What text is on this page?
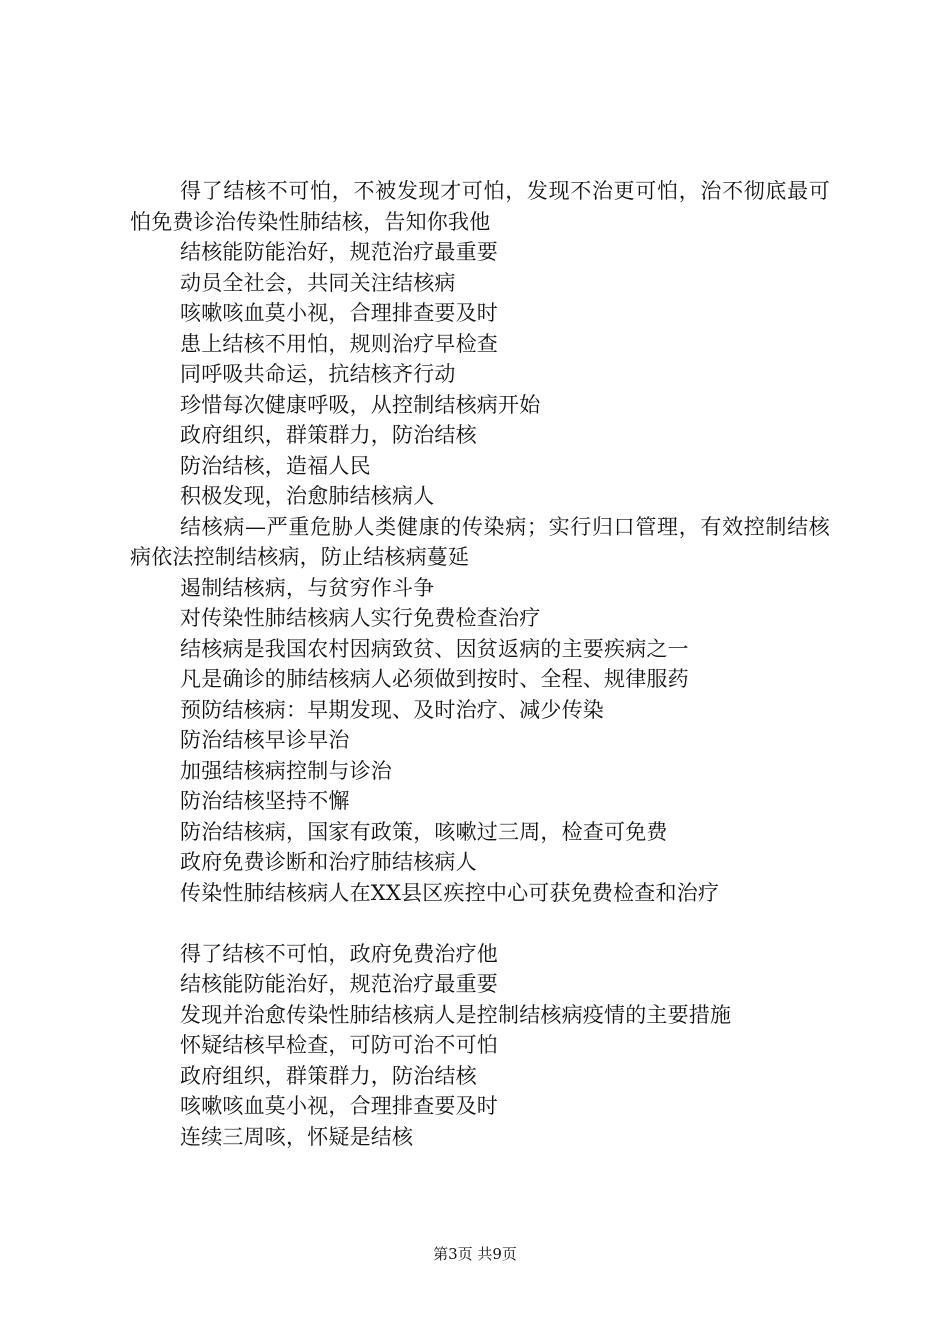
得了结核不可怕，不被发现才可怕，发现不治更可怕，治不彻底最可怕免费诊治传染性肺结核，告知你我他

结核能防能治好，规范治疗最重要

动员全社会，共同关注结核病

咳嗽咳血莫小视，合理排查要及时

患上结核不用怕，规则治疗早检查

同呼吸共命运，抗结核齐行动

珍惜每次健康呼吸，从控制结核病开始

政府组织，群策群力，防治结核

防治结核，造福人民

积极发现，治愈肺结核病人

结核病—严重危胁人类健康的传染病；实行归口管理，有效控制结核病依法控制结核病，防止结核病蔓延

遏制结核病，与贫穷作斗争

对传染性肺结核病人实行免费检查治疗

结核病是我国农村因病致贫、因贫返病的主要疾病之一

凡是确诊的肺结核病人必须做到按时、全程、规律服药

预防结核病：早期发现、及时治疗、减少传染

防治结核早诊早治

加强结核病控制与诊治

防治结核坚持不懈

防治结核病，国家有政策，咳嗽过三周，检查可免费

政府免费诊断和治疗肺结核病人

传染性肺结核病人在XX县区疾控中心可获免费检查和治疗

得了结核不可怕，政府免费治疗他

结核能防能治好，规范治疗最重要

发现并治愈传染性肺结核病人是控制结核病疫情的主要措施

怀疑结核早检查，可防可治不可怕

政府组织，群策群力，防治结核

咳嗽咳血莫小视，合理排查要及时

连续三周咳，怀疑是结核

第3页 共9页
